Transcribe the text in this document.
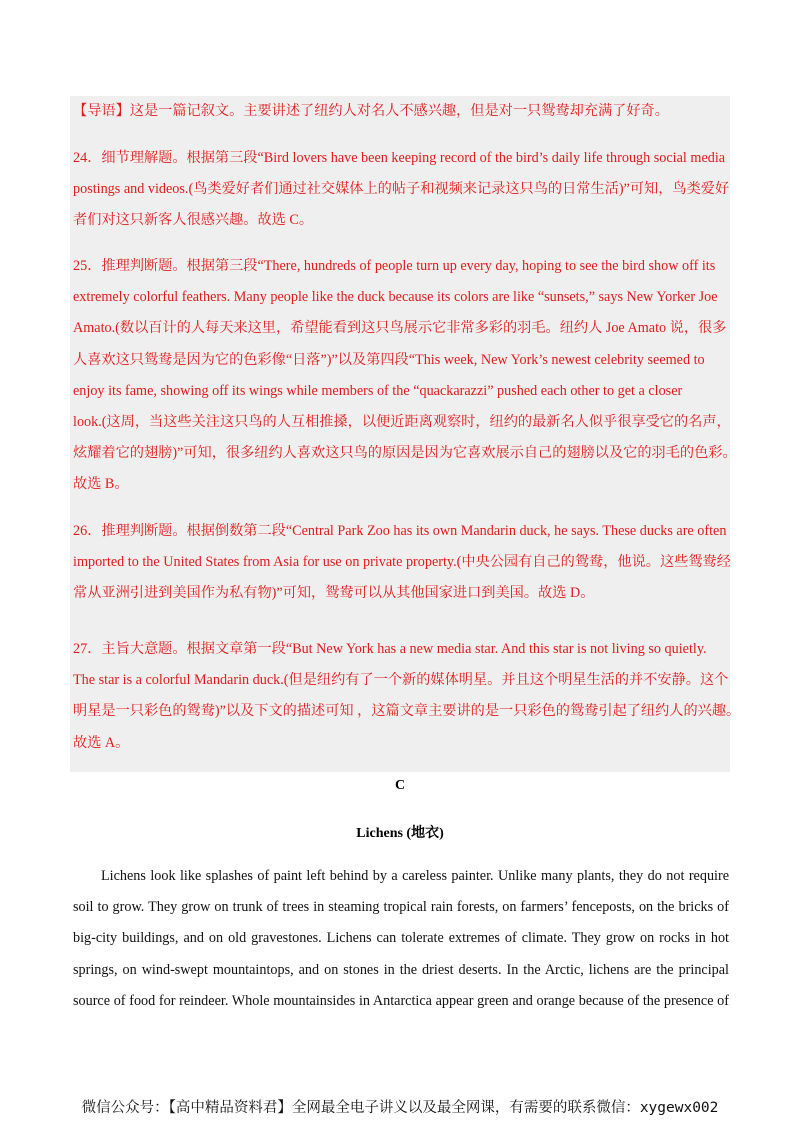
【导语】这是一篇记叙文。主要讲述了纽约人对名人不感兴趣，但是对一只鸳鸯却充满了好奇。

24．细节理解题。根据第三段“Bird lovers have been keeping record of the bird’s daily life through social media
postings and videos.(鸟类爱好者们通过社交媒体上的帖子和视频来记录这只鸟的日常生活)”可知，鸟类爱好
者们对这只新客人很感兴趣。故选 C。

25．推理判断题。根据第三段“There, hundreds of people turn up every day, hoping to see the bird show off its
extremely colorful feathers. Many people like the duck because its colors are like “sunsets,” says New Yorker Joe
Amato.(数以百计的人每天来这里，希望能看到这只鸟展示它非常多彩的羽毛。纽约人 Joe Amato 说，很多
人喜欢这只鸳鸯是因为它的色彩像“日落”)”以及第四段“This week, New York’s newest celebrity seemed to
enjoy its fame, showing off its wings while members of the “quackarazzi” pushed each other to get a closer
look.(这周，当这些关注这只鸟的人互相推搡，以便近距离观察时，纽约的最新名人似乎很享受它的名声，
炫耀着它的翅膀)”可知，很多纽约人喜欢这只鸟的原因是因为它喜欢展示自己的翅膀以及它的羽毛的色彩。
故选 B。

26．推理判断题。根据倒数第二段“Central Park Zoo has its own Mandarin duck, he says. These ducks are often
imported to the United States from Asia for use on private property.(中央公园有自己的鸳鸯，他说。这些鸳鸯经
常从亚洲引进到美国作为私有物)”可知，鸳鸯可以从其他国家进口到美国。故选 D。

27．主旨大意题。根据文章第一段“But New York has a new media star. And this star is not living so quietly.
The star is a colorful Mandarin duck.(但是纽约有了一个新的媒体明星。并且这个明星生活的并不安静。这个
明星是一只彩色的鸳鸯)”以及下文的描述可知 ，这篇文章主要讲的是一只彩色的鸳鸯引起了纽约人的兴趣。
故选 A。

C
Lichens (地衣)

Lichens look like splashes of paint left behind by a careless painter. Unlike many plants, they do not require
soil to grow. They grow on trunk of trees in steaming tropical rain forests, on farmers’ fenceposts, on the bricks of
big-city buildings, and on old gravestones. Lichens can tolerate extremes of climate. They grow on rocks in hot
springs, on wind-swept mountaintops, and on stones in the driest deserts. In the Arctic, lichens are the principal
source of food for reindeer. Whole mountainsides in Antarctica appear green and orange because of the presence of

微信公众号：【高中精品资料君】全网最全电子讲义以及最全网课，有需要的联系微信：xygewx002
